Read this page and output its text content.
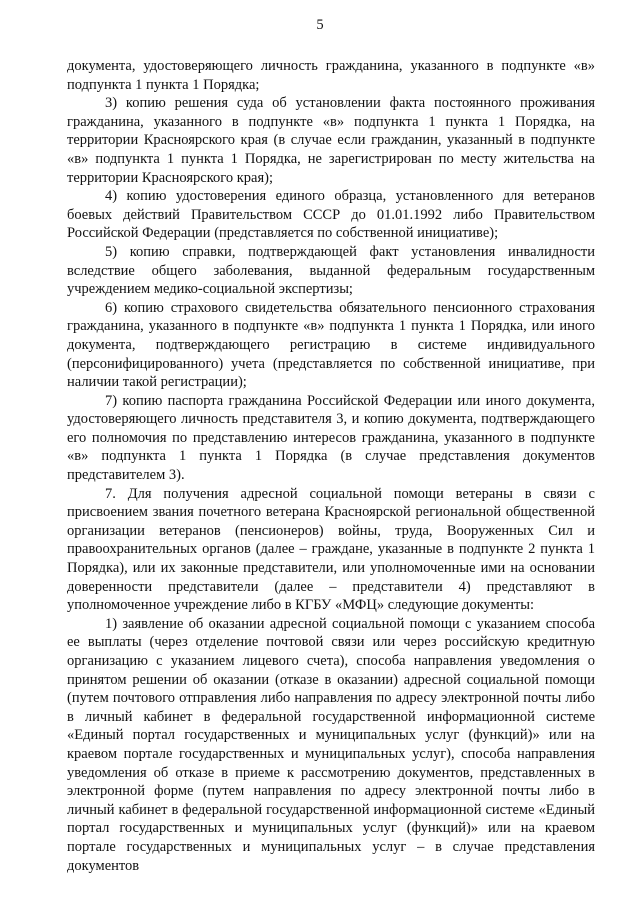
5

документа, удостоверяющего личность гражданина, указанного в подпункте «в» подпункта 1 пункта 1 Порядка;

3) копию решения суда об установлении факта постоянного проживания гражданина, указанного в подпункте «в» подпункта 1 пункта 1 Порядка, на территории Красноярского края (в случае если гражданин, указанный в подпункте «в» подпункта 1 пункта 1 Порядка, не зарегистрирован по месту жительства на территории Красноярского края);

4) копию удостоверения единого образца, установленного для ветеранов боевых действий Правительством СССР до 01.01.1992 либо Правительством Российской Федерации (представляется по собственной инициативе);

5) копию справки, подтверждающей факт установления инвалидности вследствие общего заболевания, выданной федеральным государственным учреждением медико-социальной экспертизы;

6) копию страхового свидетельства обязательного пенсионного страхования гражданина, указанного в подпункте «в» подпункта 1 пункта 1 Порядка, или иного документа, подтверждающего регистрацию в системе индивидуального (персонифицированного) учета (представляется по собственной инициативе, при наличии такой регистрации);

7) копию паспорта гражданина Российской Федерации или иного документа, удостоверяющего личность представителя 3, и копию документа, подтверждающего его полномочия по представлению интересов гражданина, указанного в подпункте «в» подпункта 1 пункта 1 Порядка (в случае представления документов представителем 3).

7. Для получения адресной социальной помощи ветераны в связи с присвоением звания почетного ветерана Красноярской региональной общественной организации ветеранов (пенсионеров) войны, труда, Вооруженных Сил и правоохранительных органов (далее – граждане, указанные в подпункте 2 пункта 1 Порядка), или их законные представители, или уполномоченные ими на основании доверенности представители (далее – представители 4) представляют в уполномоченное учреждение либо в КГБУ «МФЦ» следующие документы:

1) заявление об оказании адресной социальной помощи с указанием способа ее выплаты (через отделение почтовой связи или через российскую кредитную организацию с указанием лицевого счета), способа направления уведомления о принятом решении об оказании (отказе в оказании) адресной социальной помощи (путем почтового отправления либо направления по адресу электронной почты либо в личный кабинет в федеральной государственной информационной системе «Единый портал государственных и муниципальных услуг (функций)» или на краевом портале государственных и муниципальных услуг), способа направления уведомления об отказе в приеме к рассмотрению документов, представленных в электронной форме (путем направления по адресу электронной почты либо в личный кабинет в федеральной государственной информационной системе «Единый портал государственных и муниципальных услуг (функций)» или на краевом портале государственных и муниципальных услуг – в случае представления документов
